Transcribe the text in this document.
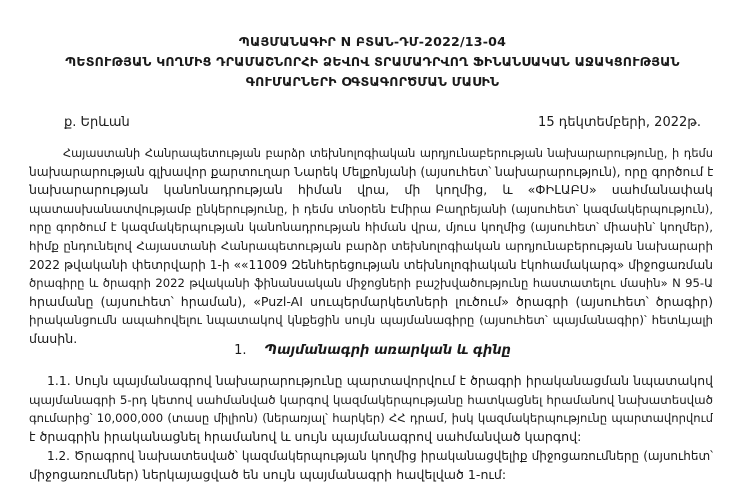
ՊԱՅՄԱՆԱԳԻՐ N ԲՏԱՆ-ԴՄ-2022/13-04
ՊԵՏՈՒԹՅԱՆ ԿՈՂՄԻՑ ԴՐԱՄԱՇՆՈՐՀԻ ՁԵՎՈՎ ՏՐԱՄԱԴՐՎՈՂ ՖԻՆԱՆՍԱԿԱՆ ԱՋԱԿՑՈՒԹՅԱՆ
ԳՈՒՄԱՐՆԵՐԻ ՕԳՏԱԳՈՐԾՄԱՆ ՄԱՍԻՆ
ք. Երևան	15 դեկտեմբերի, 2022թ.
Հայաստանի Հանրապետության բարձր տեխնոլոգիական արդյունաբերության նախարարությունը, ի դեմս
նախարարության գլխավոր քարտուղար Նարեկ Մելքոնյանի (այսուհետ՝ նախարարություն), որը գործում է
նախարարության կանոնադրության հիման վրա, մի կողմից, և «ՓԻԼԱԲՍ» սահմանափակ
պատասխանատվությամբ ընկերությունը, ի դեմս տնօրեն Էմիրա Բաղրեյանի (այսուհետ՝ կազմակերպություն),
որը գործում է կազմակերպության կանոնադրության հիման վրա, մյուս կողմից (այսուհետ՝ միասին՝ կողմեր),
հիմք ընդունելով Հայաստանի Հանրապետության բարձր տեխնոլոգիական արդյունաբերության նախարարի
2022 թվականի փետրվարի 1-ի ««11009 Զենհերեցության տեխնոլոգիական էկոհամակարգ» միջոցառման
ծրագիրը և ծրագրի 2022 թվականի ֆինանսական միջոցների բաշխվածությունը հաստատելու մասին» N 95-Ա
հրամանը (այսուհետ՝ հրաման), «Puzl-AI սուպերմարկետների լուծում» ծրագրի (այսուհետ՝ ծրագիր)
իրականցումն ապահովելու նպատակով կնքեցին սույն պայմանագիրը (այսուհետ՝ պայմանագիր)՝ հետևյալի
մասին.
1. Պայմանագրի առարկան և գինը
1.1. Սույն պայմանագրով նախարարությունը պարտավորվում է ծրագրի իրականացման նպատակով
պայմանագրի 5-րդ կետով սահմանված կարգով կազմակերպությանը հատկացնել հրամանով նախատեսված
գումարից՝ 10,000,000 (տասը միլիոն) (ներառյալ՝ հարկեր) ՀՀ դրամ, իսկ կազմակերպությունը պարտավորվում
է ծրագրին իրականացնել հրամանով և սույն պայմանագրով սահմանված կարգով:
1.2. Ծրագրով նախատեսված՝ կազմակերպության կողմից իրականացվելիք միջոցառումները (այսուհետ՝
միջոցառումներ) ներկայացված են սույն պայմանագրի հավելված 1-ում:
